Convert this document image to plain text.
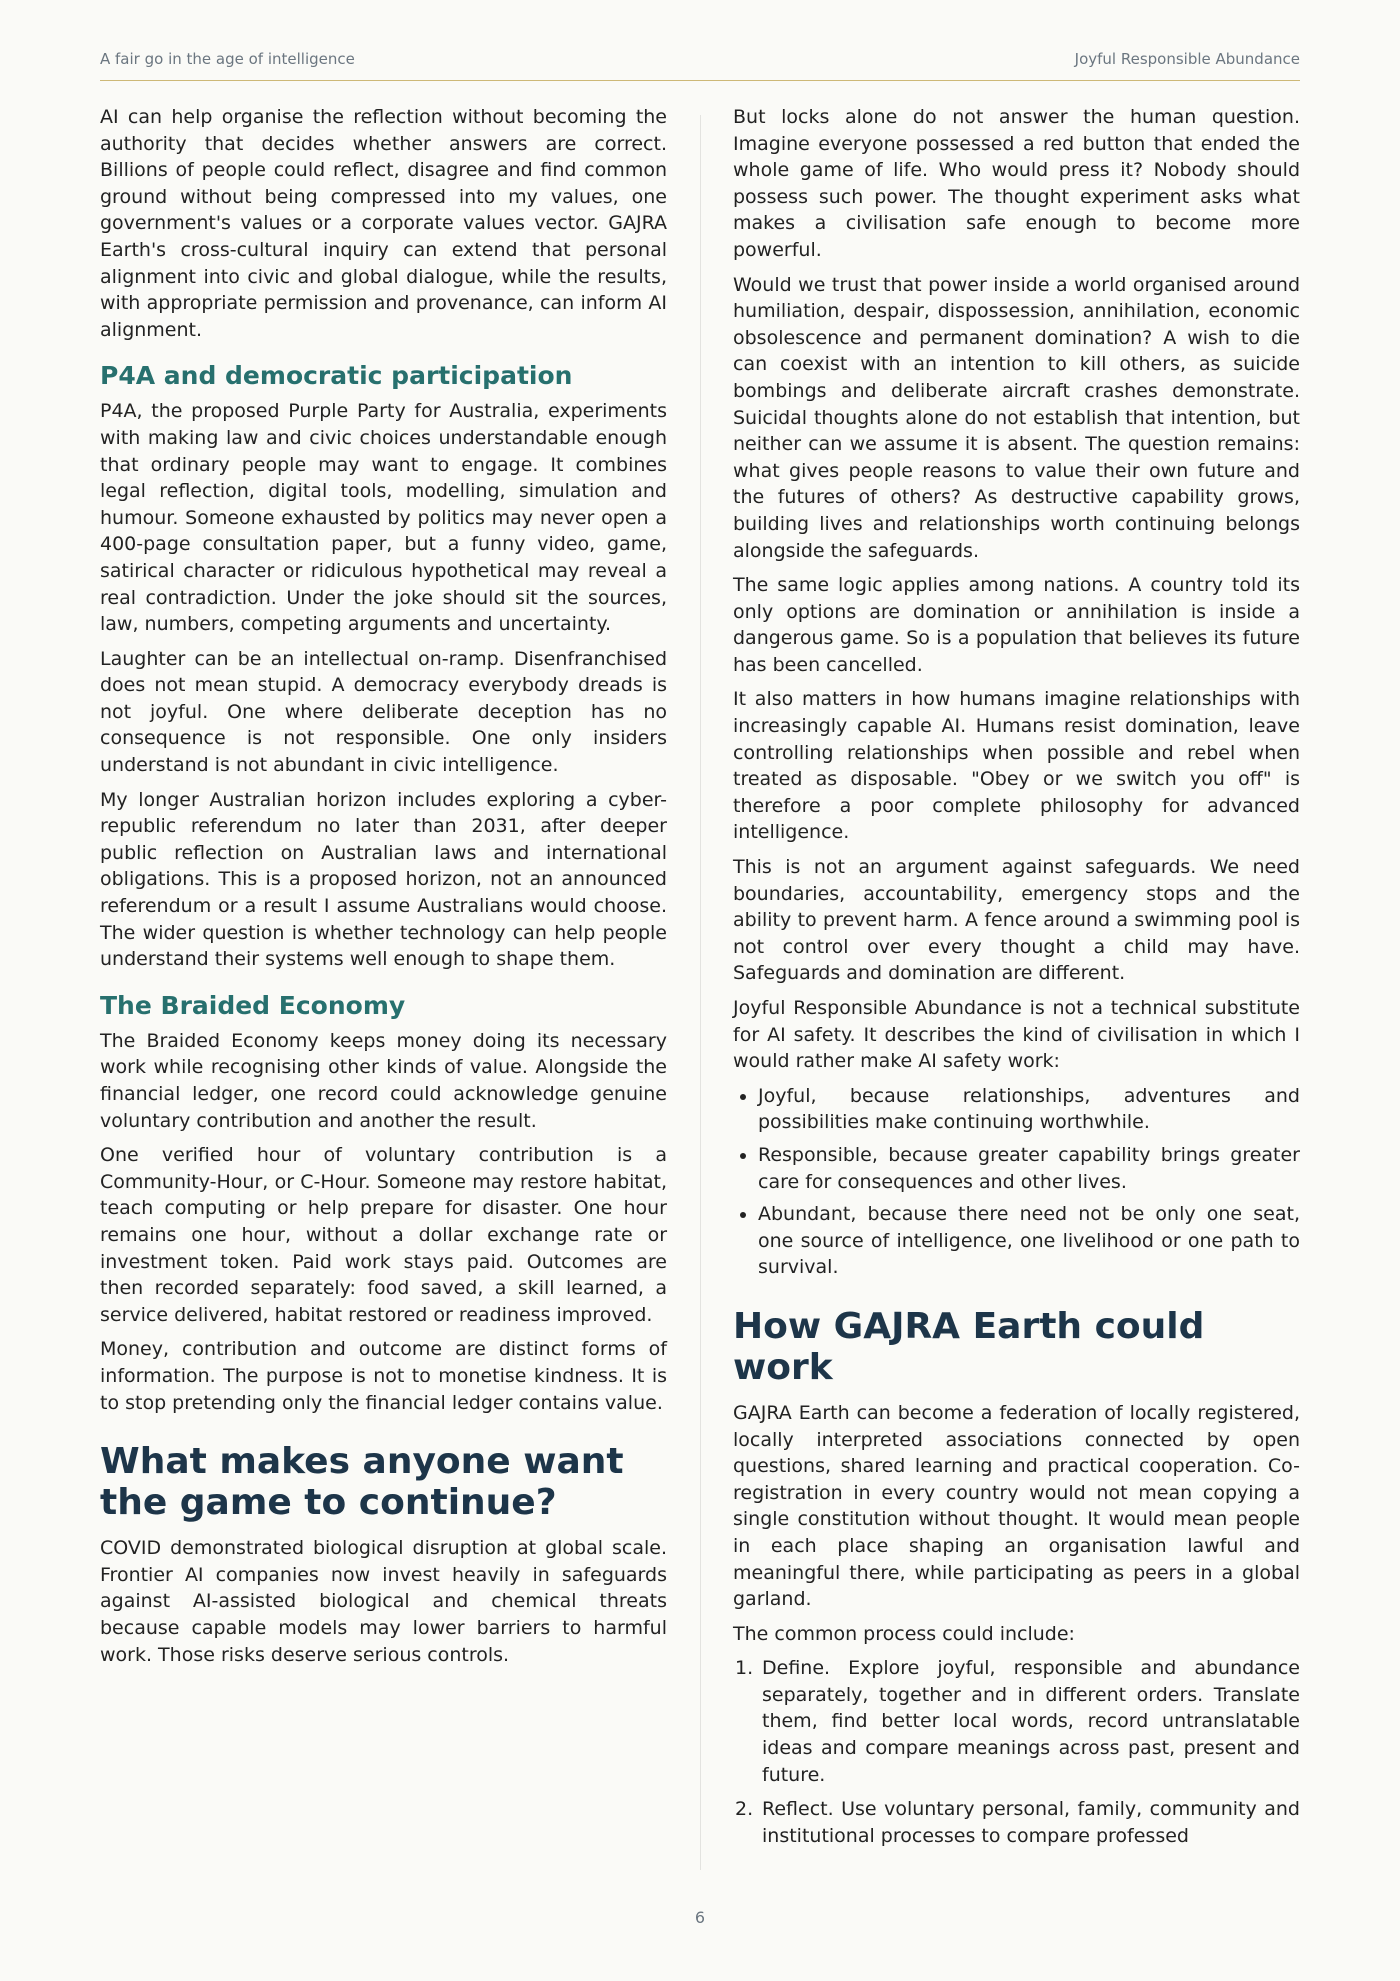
A fair go in the age of intelligence	Joyful Responsible Abundance

AI can help organise the reflection without becoming the authority that decides whether answers are correct. Billions of people could reflect, disagree and find common ground without being compressed into my values, one government's values or a corporate values vector. GAJRA Earth's cross-cultural inquiry can extend that personal alignment into civic and global dialogue, while the results, with appropriate permission and provenance, can inform AI alignment.

P4A and democratic participation

P4A, the proposed Purple Party for Australia, experiments with making law and civic choices understandable enough that ordinary people may want to engage. It combines legal reflection, digital tools, modelling, simulation and humour. Someone exhausted by politics may never open a 400-page consultation paper, but a funny video, game, satirical character or ridiculous hypothetical may reveal a real contradiction. Under the joke should sit the sources, law, numbers, competing arguments and uncertainty.

Laughter can be an intellectual on-ramp. Disenfranchised does not mean stupid. A democracy everybody dreads is not joyful. One where deliberate deception has no consequence is not responsible. One only insiders understand is not abundant in civic intelligence.

My longer Australian horizon includes exploring a cyber-republic referendum no later than 2031, after deeper public reflection on Australian laws and international obligations. This is a proposed horizon, not an announced referendum or a result I assume Australians would choose. The wider question is whether technology can help people understand their systems well enough to shape them.

The Braided Economy

The Braided Economy keeps money doing its necessary work while recognising other kinds of value. Alongside the financial ledger, one record could acknowledge genuine voluntary contribution and another the result.

One verified hour of voluntary contribution is a Community-Hour, or C-Hour. Someone may restore habitat, teach computing or help prepare for disaster. One hour remains one hour, without a dollar exchange rate or investment token. Paid work stays paid. Outcomes are then recorded separately: food saved, a skill learned, a service delivered, habitat restored or readiness improved.

Money, contribution and outcome are distinct forms of information. The purpose is not to monetise kindness. It is to stop pretending only the financial ledger contains value.

What makes anyone want the game to continue?

COVID demonstrated biological disruption at global scale. Frontier AI companies now invest heavily in safeguards against AI-assisted biological and chemical threats because capable models may lower barriers to harmful work. Those risks deserve serious controls.

But locks alone do not answer the human question. Imagine everyone possessed a red button that ended the whole game of life. Who would press it? Nobody should possess such power. The thought experiment asks what makes a civilisation safe enough to become more powerful.

Would we trust that power inside a world organised around humiliation, despair, dispossession, annihilation, economic obsolescence and permanent domination? A wish to die can coexist with an intention to kill others, as suicide bombings and deliberate aircraft crashes demonstrate. Suicidal thoughts alone do not establish that intention, but neither can we assume it is absent. The question remains: what gives people reasons to value their own future and the futures of others? As destructive capability grows, building lives and relationships worth continuing belongs alongside the safeguards.

The same logic applies among nations. A country told its only options are domination or annihilation is inside a dangerous game. So is a population that believes its future has been cancelled.

It also matters in how humans imagine relationships with increasingly capable AI. Humans resist domination, leave controlling relationships when possible and rebel when treated as disposable. "Obey or we switch you off" is therefore a poor complete philosophy for advanced intelligence.

This is not an argument against safeguards. We need boundaries, accountability, emergency stops and the ability to prevent harm. A fence around a swimming pool is not control over every thought a child may have. Safeguards and domination are different.

Joyful Responsible Abundance is not a technical substitute for AI safety. It describes the kind of civilisation in which I would rather make AI safety work:

• Joyful, because relationships, adventures and possibilities make continuing worthwhile.
• Responsible, because greater capability brings greater care for consequences and other lives.
• Abundant, because there need not be only one seat, one source of intelligence, one livelihood or one path to survival.
How GAJRA Earth could work

GAJRA Earth can become a federation of locally registered, locally interpreted associations connected by open questions, shared learning and practical cooperation. Co-registration in every country would not mean copying a single constitution without thought. It would mean people in each place shaping an organisation lawful and meaningful there, while participating as peers in a global garland.

The common process could include:

1. Define. Explore joyful, responsible and abundance separately, together and in different orders. Translate them, find better local words, record untranslatable ideas and compare meanings across past, present and future.
2. Reflect. Use voluntary personal, family, community and institutional processes to compare professed
6
